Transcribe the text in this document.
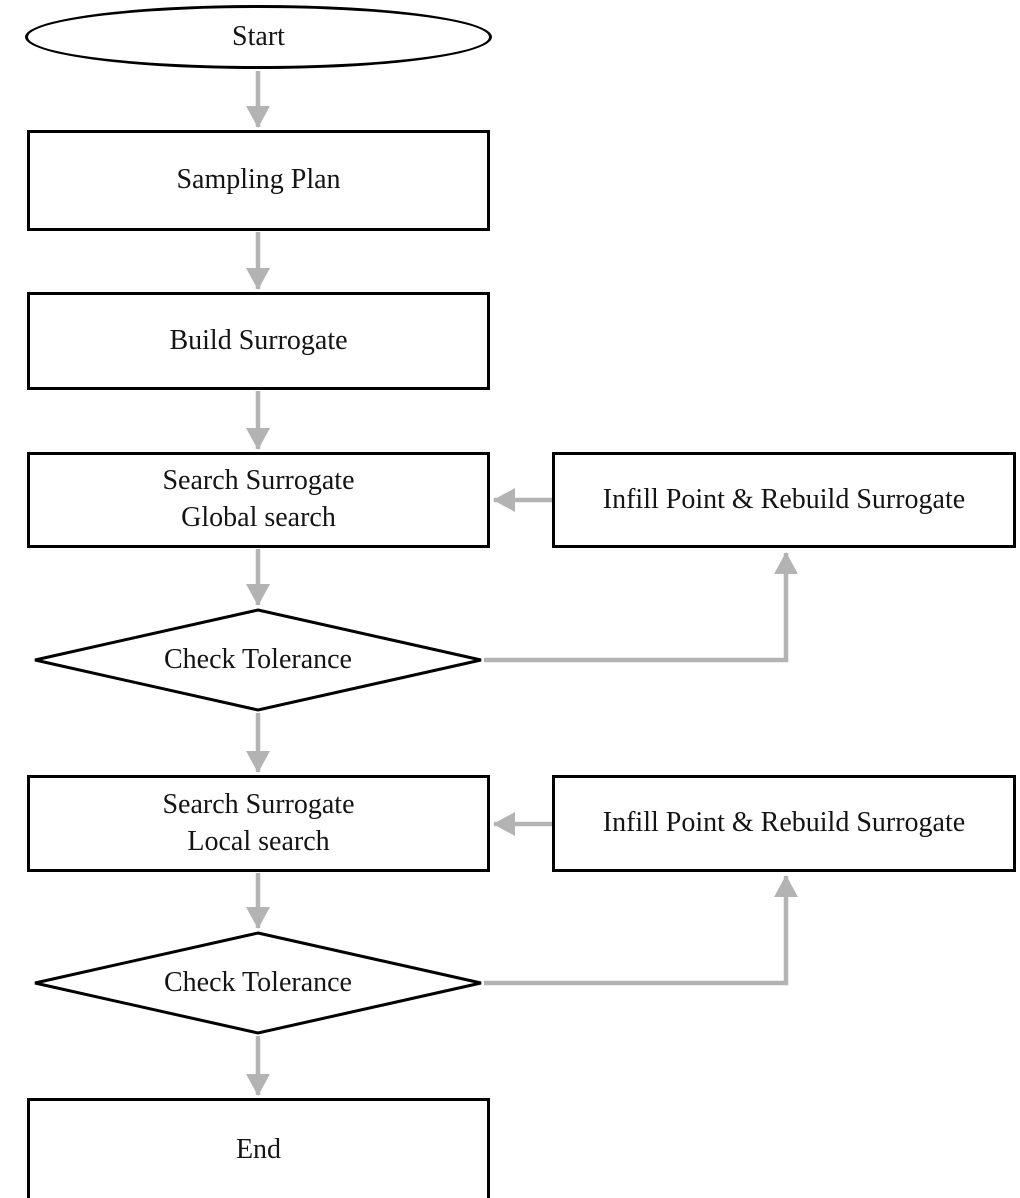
Start
Sampling Plan
Build Surrogate
Search Surrogate
Global search
Infill Point & Rebuild Surrogate
Check Tolerance
Search Surrogate
Local search
Infill Point & Rebuild Surrogate
Check Tolerance
End
